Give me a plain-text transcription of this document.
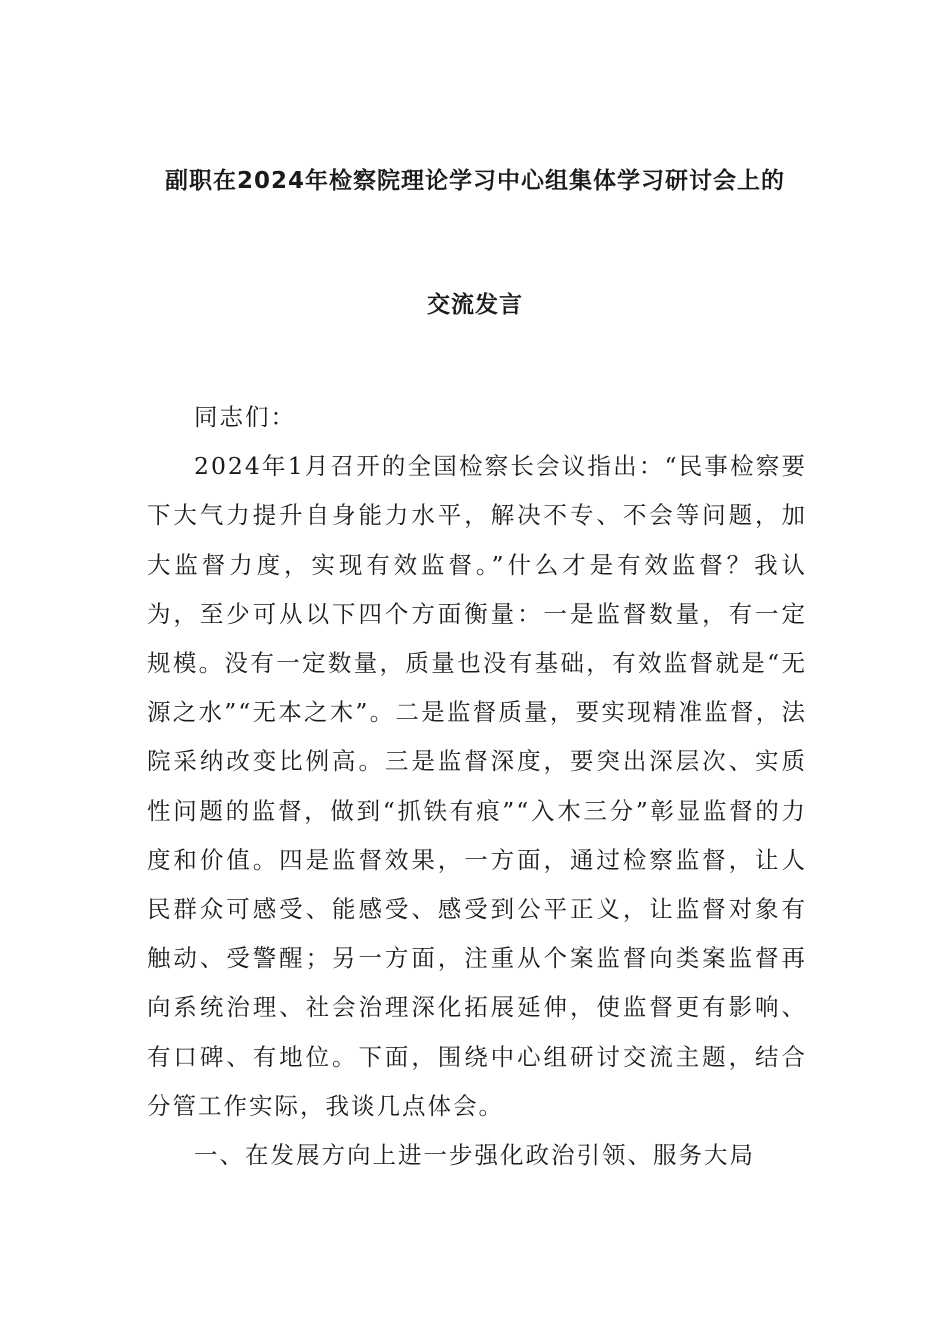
副职在2024年检察院理论学习中心组集体学习研讨会上的
交流发言

同志们：

2024年1月召开的全国检察长会议指出：“民事检察要下大气力提升自身能力水平，解决不专、不会等问题，加大监督力度，实现有效监督。”什么才是有效监督？我认为，至少可从以下四个方面衡量：一是监督数量，有一定规模。没有一定数量，质量也没有基础，有效监督就是“无源之水”“无本之木”。二是监督质量，要实现精准监督，法院采纳改变比例高。三是监督深度，要突出深层次、实质性问题的监督，做到“抓铁有痕”“入木三分”彰显监督的力度和价值。四是监督效果，一方面，通过检察监督，让人民群众可感受、能感受、感受到公平正义，让监督对象有触动、受警醒；另一方面，注重从个案监督向类案监督再向系统治理、社会治理深化拓展延伸，使监督更有影响、有口碑、有地位。下面，围绕中心组研讨交流主题，结合分管工作实际，我谈几点体会。

一、在发展方向上进一步强化政治引领、服务大局
